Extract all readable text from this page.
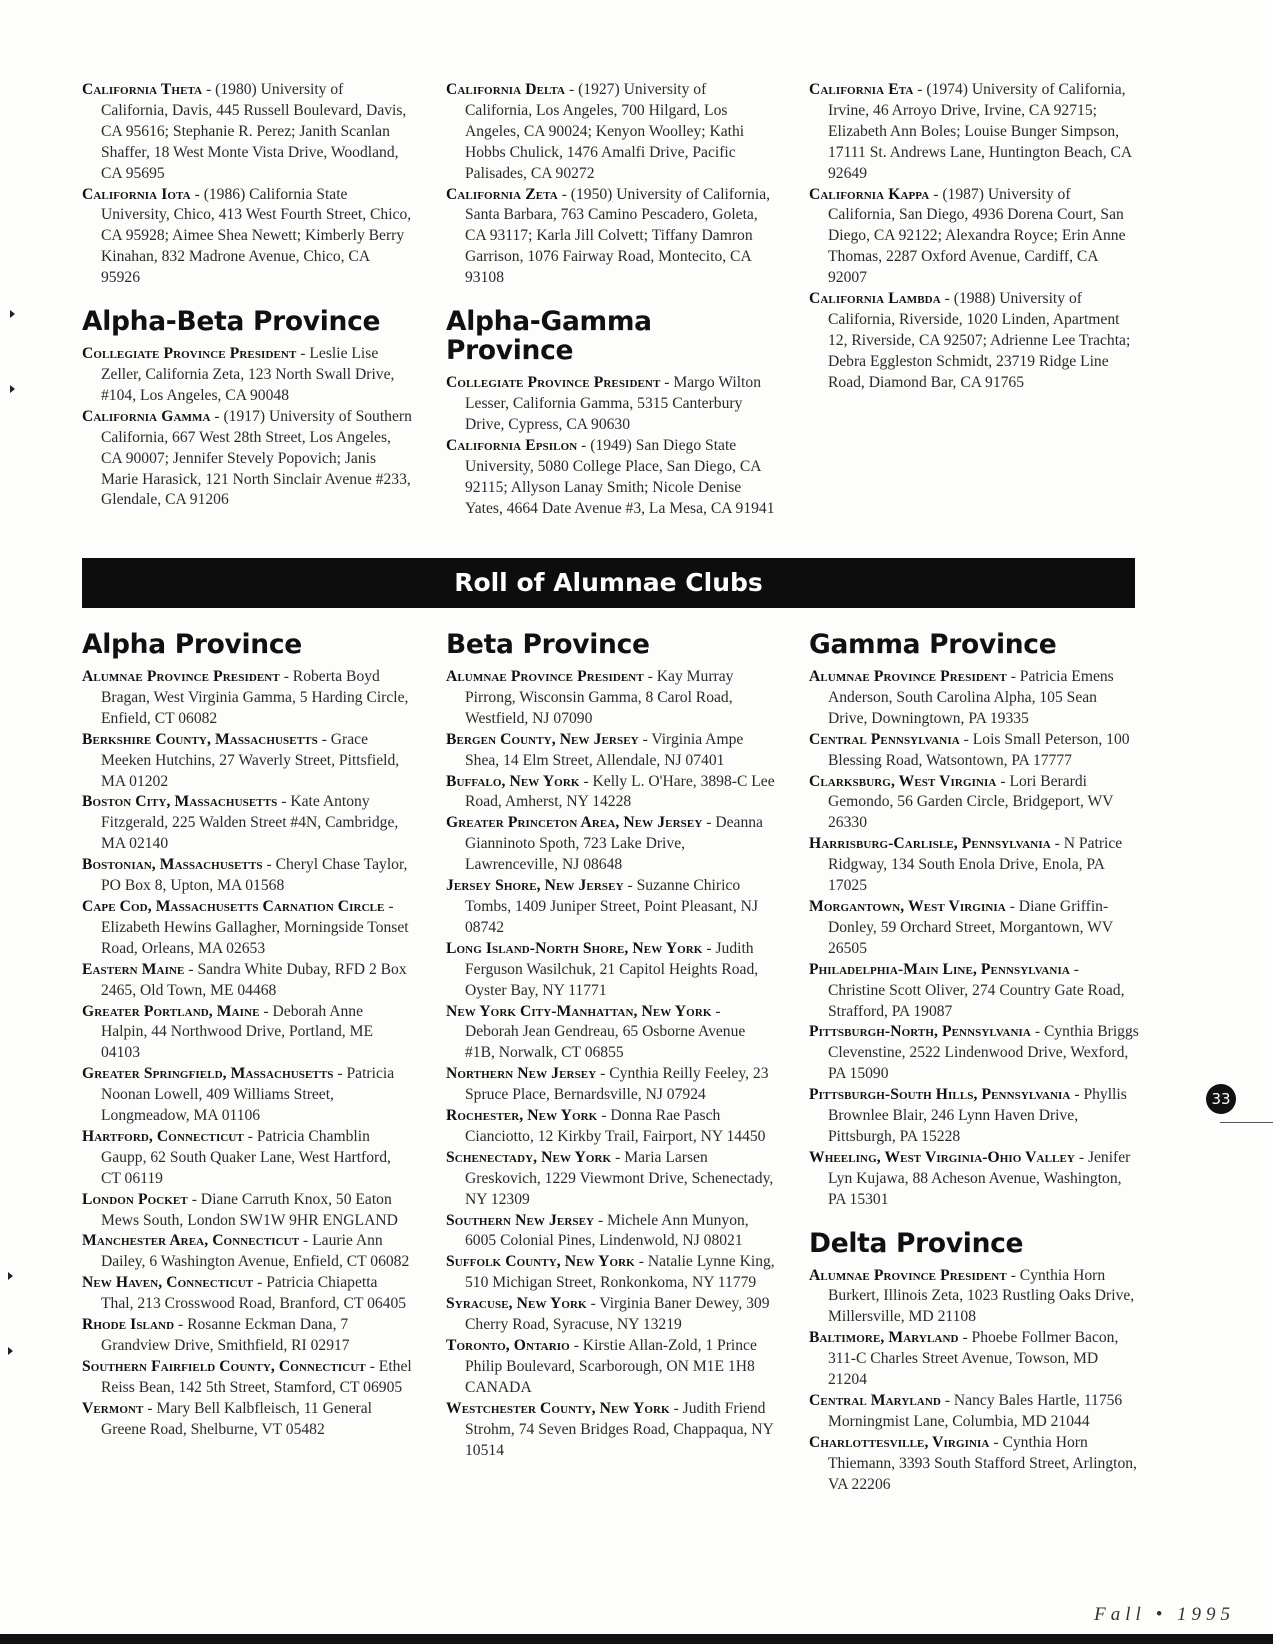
California Theta - (1980) University of California, Davis, 445 Russell Boulevard, Davis, CA 95616; Stephanie R. Perez; Janith Scanlan Shaffer, 18 West Monte Vista Drive, Woodland, CA 95695

California Iota - (1986) California State University, Chico, 413 West Fourth Street, Chico, CA 95928; Aimee Shea Newett; Kimberly Berry Kinahan, 832 Madrone Avenue, Chico, CA 95926

Alpha-Beta Province

Collegiate Province President - Leslie Lise Zeller, California Zeta, 123 North Swall Drive, #104, Los Angeles, CA 90048

California Gamma - (1917) University of Southern California, 667 West 28th Street, Los Angeles, CA 90007; Jennifer Stevely Popovich; Janis Marie Harasick, 121 North Sinclair Avenue #233, Glendale, CA 91206

California Delta - (1927) University of California, Los Angeles, 700 Hilgard, Los Angeles, CA 90024; Kenyon Woolley; Kathi Hobbs Chulick, 1476 Amalfi Drive, Pacific Palisades, CA 90272

California Zeta - (1950) University of California, Santa Barbara, 763 Camino Pescadero, Goleta, CA 93117; Karla Jill Colvett; Tiffany Damron Garrison, 1076 Fairway Road, Montecito, CA 93108

Alpha-Gamma Province

Collegiate Province President - Margo Wilton Lesser, California Gamma, 5315 Canterbury Drive, Cypress, CA 90630

California Epsilon - (1949) San Diego State University, 5080 College Place, San Diego, CA 92115; Allyson Lanay Smith; Nicole Denise Yates, 4664 Date Avenue #3, La Mesa, CA 91941

California Eta - (1974) University of California, Irvine, 46 Arroyo Drive, Irvine, CA 92715; Elizabeth Ann Boles; Louise Bunger Simpson, 17111 St. Andrews Lane, Huntington Beach, CA 92649

California Kappa - (1987) University of California, San Diego, 4936 Dorena Court, San Diego, CA 92122; Alexandra Royce; Erin Anne Thomas, 2287 Oxford Avenue, Cardiff, CA 92007

California Lambda - (1988) University of California, Riverside, 1020 Linden, Apartment 12, Riverside, CA 92507; Adrienne Lee Trachta; Debra Eggleston Schmidt, 23719 Ridge Line Road, Diamond Bar, CA 91765

Roll of Alumnae Clubs
Alpha Province

Alumnae Province President - Roberta Boyd Bragan, West Virginia Gamma, 5 Harding Circle, Enfield, CT 06082

Berkshire County, Massachusetts - Grace Meeken Hutchins, 27 Waverly Street, Pittsfield, MA 01202

Boston City, Massachusetts - Kate Antony Fitzgerald, 225 Walden Street #4N, Cambridge, MA 02140

Bostonian, Massachusetts - Cheryl Chase Taylor, PO Box 8, Upton, MA 01568

Cape Cod, Massachusetts Carnation Circle - Elizabeth Hewins Gallagher, Morningside Tonset Road, Orleans, MA 02653

Eastern Maine - Sandra White Dubay, RFD 2 Box 2465, Old Town, ME 04468

Greater Portland, Maine - Deborah Anne Halpin, 44 Northwood Drive, Portland, ME 04103

Greater Springfield, Massachusetts - Patricia Noonan Lowell, 409 Williams Street, Longmeadow, MA 01106

Hartford, Connecticut - Patricia Chamblin Gaupp, 62 South Quaker Lane, West Hartford, CT 06119

London Pocket - Diane Carruth Knox, 50 Eaton Mews South, London SW1W 9HR ENGLAND

Manchester Area, Connecticut - Laurie Ann Dailey, 6 Washington Avenue, Enfield, CT 06082

New Haven, Connecticut - Patricia Chiapetta Thal, 213 Crosswood Road, Branford, CT 06405

Rhode Island - Rosanne Eckman Dana, 7 Grandview Drive, Smithfield, RI 02917

Southern Fairfield County, Connecticut - Ethel Reiss Bean, 142 5th Street, Stamford, CT 06905

Vermont - Mary Bell Kalbfleisch, 11 General Greene Road, Shelburne, VT 05482

Beta Province

Alumnae Province President - Kay Murray Pirrong, Wisconsin Gamma, 8 Carol Road, Westfield, NJ 07090

Bergen County, New Jersey - Virginia Ampe Shea, 14 Elm Street, Allendale, NJ 07401

Buffalo, New York - Kelly L. O'Hare, 3898-C Lee Road, Amherst, NY 14228

Greater Princeton Area, New Jersey - Deanna Gianninoto Spoth, 723 Lake Drive, Lawrenceville, NJ 08648

Jersey Shore, New Jersey - Suzanne Chirico Tombs, 1409 Juniper Street, Point Pleasant, NJ 08742

Long Island-North Shore, New York - Judith Ferguson Wasilchuk, 21 Capitol Heights Road, Oyster Bay, NY 11771

New York City-Manhattan, New York - Deborah Jean Gendreau, 65 Osborne Avenue #1B, Norwalk, CT 06855

Northern New Jersey - Cynthia Reilly Feeley, 23 Spruce Place, Bernardsville, NJ 07924

Rochester, New York - Donna Rae Pasch Cianciotto, 12 Kirkby Trail, Fairport, NY 14450

Schenectady, New York - Maria Larsen Greskovich, 1229 Viewmont Drive, Schenectady, NY 12309

Southern New Jersey - Michele Ann Munyon, 6005 Colonial Pines, Lindenwold, NJ 08021

Suffolk County, New York - Natalie Lynne King, 510 Michigan Street, Ronkonkoma, NY 11779

Syracuse, New York - Virginia Baner Dewey, 309 Cherry Road, Syracuse, NY 13219

Toronto, Ontario - Kirstie Allan-Zold, 1 Prince Philip Boulevard, Scarborough, ON M1E 1H8 CANADA

Westchester County, New York - Judith Friend Strohm, 74 Seven Bridges Road, Chappaqua, NY 10514

Gamma Province

Alumnae Province President - Patricia Emens Anderson, South Carolina Alpha, 105 Sean Drive, Downingtown, PA 19335

Central Pennsylvania - Lois Small Peterson, 100 Blessing Road, Watsontown, PA 17777

Clarksburg, West Virginia - Lori Berardi Gemondo, 56 Garden Circle, Bridgeport, WV 26330

Harrisburg-Carlisle, Pennsylvania - N Patrice Ridgway, 134 South Enola Drive, Enola, PA 17025

Morgantown, West Virginia - Diane Griffin-Donley, 59 Orchard Street, Morgantown, WV 26505

Philadelphia-Main Line, Pennsylvania - Christine Scott Oliver, 274 Country Gate Road, Strafford, PA 19087

Pittsburgh-North, Pennsylvania - Cynthia Briggs Clevenstine, 2522 Lindenwood Drive, Wexford, PA 15090

Pittsburgh-South Hills, Pennsylvania - Phyllis Brownlee Blair, 246 Lynn Haven Drive, Pittsburgh, PA 15228

Wheeling, West Virginia-Ohio Valley - Jenifer Lyn Kujawa, 88 Acheson Avenue, Washington, PA 15301

Delta Province

Alumnae Province President - Cynthia Horn Burkert, Illinois Zeta, 1023 Rustling Oaks Drive, Millersville, MD 21108

Baltimore, Maryland - Phoebe Follmer Bacon, 311-C Charles Street Avenue, Towson, MD 21204

Central Maryland - Nancy Bales Hartle, 11756 Morningmist Lane, Columbia, MD 21044

Charlottesville, Virginia - Cynthia Horn Thiemann, 3393 South Stafford Street, Arlington, VA 22206

33
Fall • 1995
